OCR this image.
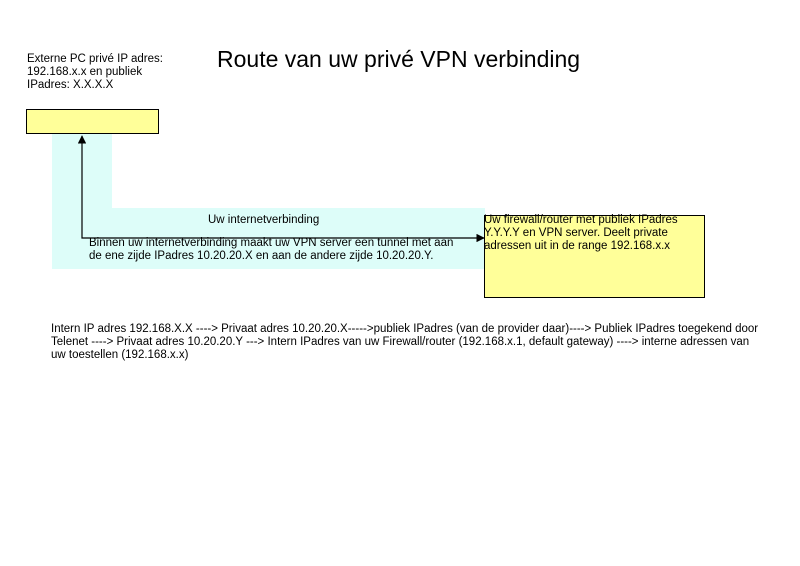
Route van uw privé VPN verbinding
Externe PC privé IP adres: 192.168.x.x en publiek IPadres: X.X.X.X
Uw firewall/router met publiek IPadres Y.Y.Y.Y en VPN server. Deelt private adressen uit in de range 192.168.x.x
Uw internetverbinding
Binnen uw internetverbinding maakt uw VPN server een tunnel met aan de ene zijde IPadres 10.20.20.X en aan de andere zijde 10.20.20.Y.
Intern IP adres 192.168.X.X ----> Privaat adres 10.20.20.X----->publiek IPadres (van de provider daar)----> Publiek IPadres toegekend door Telenet ----> Privaat adres 10.20.20.Y ---> Intern IPadres van uw Firewall/router (192.168.x.1, default gateway) ----> interne adressen van uw toestellen (192.168.x.x)
